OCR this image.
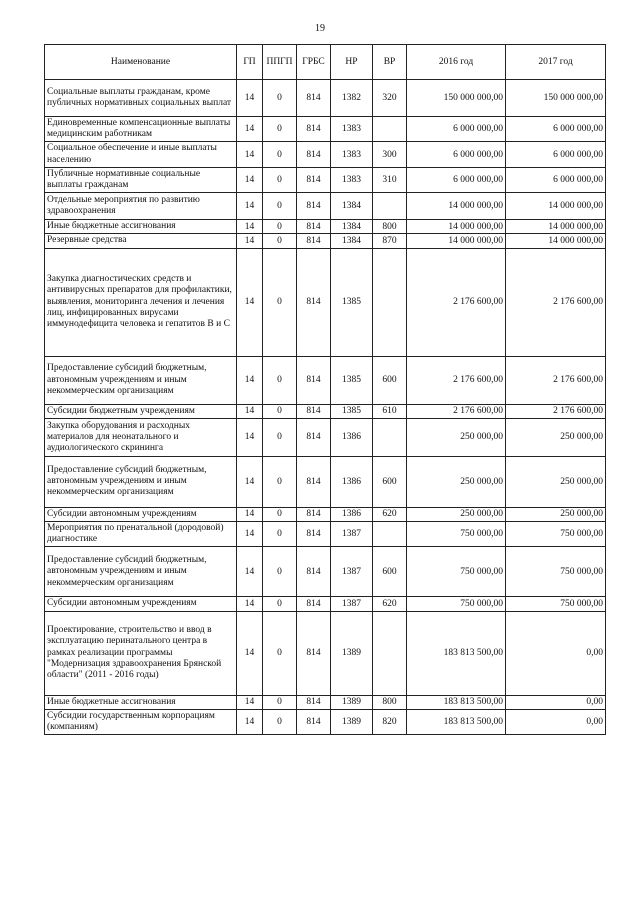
19
Наименование	ГП	ППГП	ГРБС	НР	ВР	2016 год	2017 год
Социальные выплаты гражданам, кроме публичных нормативных социальных выплат	14	0	814	1382	320	150 000 000,00	150 000 000,00
Единовременные компенсационные выплаты медицинским работникам	14	0	814	1383		6 000 000,00	6 000 000,00
Социальное обеспечение и иные выплаты населению	14	0	814	1383	300	6 000 000,00	6 000 000,00
Публичные нормативные социальные выплаты гражданам	14	0	814	1383	310	6 000 000,00	6 000 000,00
Отдельные мероприятия по развитию здравоохранения	14	0	814	1384		14 000 000,00	14 000 000,00
Иные бюджетные ассигнования	14	0	814	1384	800	14 000 000,00	14 000 000,00
Резервные средства	14	0	814	1384	870	14 000 000,00	14 000 000,00
Закупка диагностических средств и антивирусных препаратов для профилактики, выявления, мониторинга лечения и лечения лиц, инфицированных вирусами иммунодефицита человека и гепатитов В и С	14	0	814	1385		2 176 600,00	2 176 600,00
Предоставление субсидий бюджетным, автономным учреждениям и иным некоммерческим организациям	14	0	814	1385	600	2 176 600,00	2 176 600,00
Субсидии бюджетным учреждениям	14	0	814	1385	610	2 176 600,00	2 176 600,00
Закупка оборудования и расходных материалов для неонатального и аудиологического скрининга	14	0	814	1386		250 000,00	250 000,00
Предоставление субсидий бюджетным, автономным учреждениям и иным некоммерческим организациям	14	0	814	1386	600	250 000,00	250 000,00
Субсидии автономным учреждениям	14	0	814	1386	620	250 000,00	250 000,00
Мероприятия по пренатальной (дородовой) диагностике	14	0	814	1387		750 000,00	750 000,00
Предоставление субсидий бюджетным, автономным учреждениям и иным некоммерческим организациям	14	0	814	1387	600	750 000,00	750 000,00
Субсидии автономным учреждениям	14	0	814	1387	620	750 000,00	750 000,00
Проектирование, строительство и ввод в эксплуатацию перинатального центра в рамках реализации программы "Модернизация здравоохранения Брянской области" (2011 - 2016 годы)	14	0	814	1389		183 813 500,00	0,00
Иные бюджетные ассигнования	14	0	814	1389	800	183 813 500,00	0,00
Субсидии государственным корпорациям (компаниям)	14	0	814	1389	820	183 813 500,00	0,00
